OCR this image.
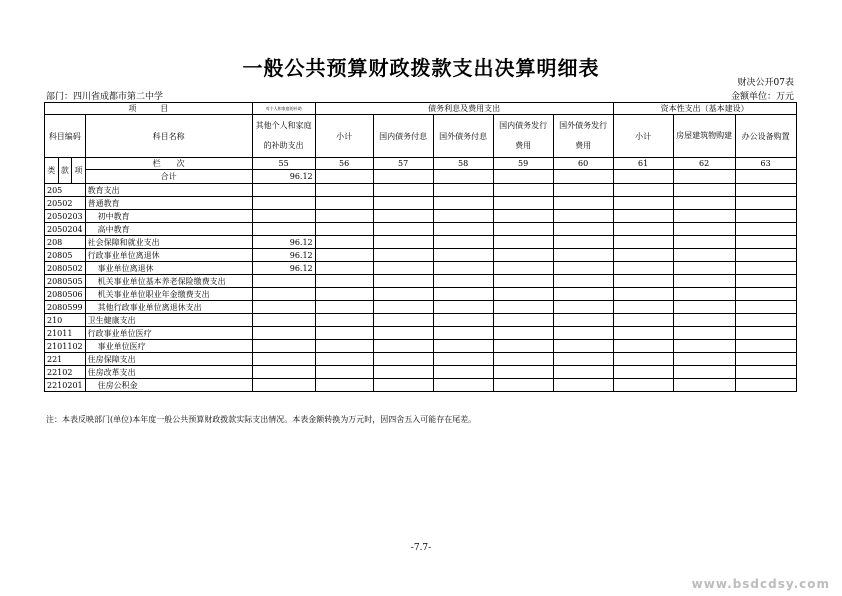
一般公共预算财政拨款支出决算明细表
财决公开07表
部门：四川省成都市第二中学	金额单位：万元
项　　　目				对个人和家庭的补助	债务利息及费用支出					资本性支出（基本建设）		
科目编码			科目名称	其他个人和家庭的补助支出	小计	国内债务付息	国外债务付息	国内债务发行费用	国外债务发行费用	小计	房屋建筑物购建	办公设备购置
类	款	项	栏　　次	55	56	57	58	59	60	61	62	63
			合计	96.12								
205			教育支出									
20502			普通教育									
2050203			初中教育									
2050204			高中教育									
208			社会保障和就业支出	96.12								
20805			行政事业单位离退休	96.12								
2080502			事业单位离退休	96.12								
2080505			机关事业单位基本养老保险缴费支出									
2080506			机关事业单位职业年金缴费支出									
2080599			其他行政事业单位离退休支出									
210			卫生健康支出									
21011			行政事业单位医疗									
2101102			事业单位医疗									
221			住房保障支出									
22102			住房改革支出									
2210201			住房公积金									
注：本表反映部门(单位)本年度一般公共预算财政拨款实际支出情况。本表金额转换为万元时，因四舍五入可能存在尾差。
-7.7-
www.bsdcdsy.com
